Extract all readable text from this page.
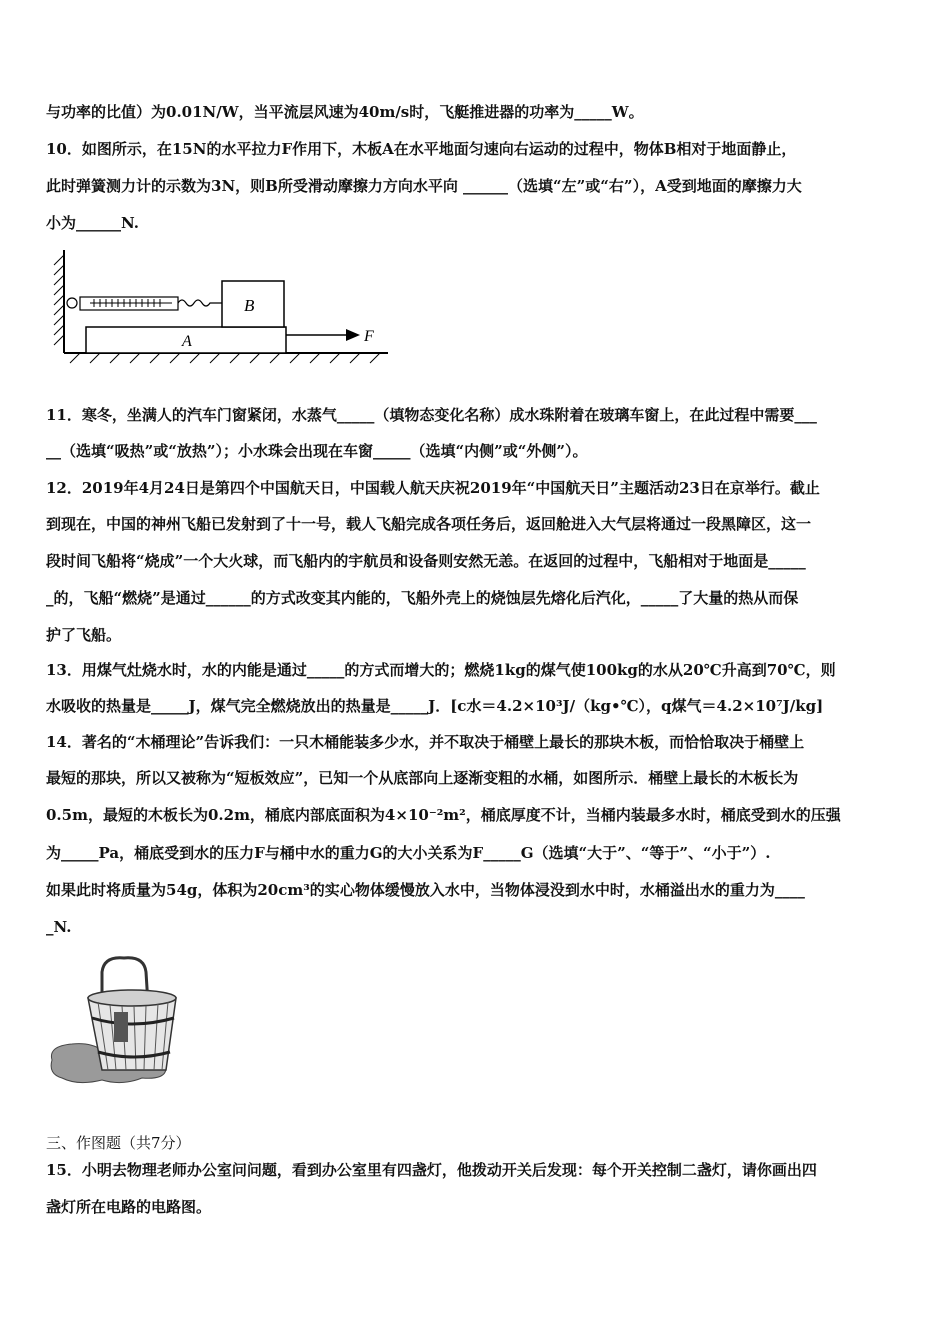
与功率的比值）为0.01N/W，当平流层风速为40m/s时，飞艇推进器的功率为_____W。
10．如图所示，在15N的水平拉力F作用下，木板A在水平地面匀速向右运动的过程中，物体B相对于地面静止，
此时弹簧测力计的示数为3N，则B所受滑动摩擦力方向水平向 ______（选填“左”或“右”），A受到地面的摩擦力大
小为______N.
A
B
F
11．寒冬，坐满人的汽车门窗紧闭，水蒸气_____（填物态变化名称）成水珠附着在玻璃车窗上，在此过程中需要___
__（选填“吸热”或“放热”）；小水珠会出现在车窗_____（选填“内侧”或“外侧”）。
12．2019年4月24日是第四个中国航天日，中国载人航天庆祝2019年“中国航天日”主题活动23日在京举行。截止
到现在，中国的神州飞船已发射到了十一号，载人飞船完成各项任务后，返回舱进入大气层将通过一段黑障区，这一
段时间飞船将“烧成”一个大火球，而飞船内的宇航员和设备则安然无恙。在返回的过程中，飞船相对于地面是_____
_的，飞船“燃烧”是通过______的方式改变其内能的，飞船外壳上的烧蚀层先熔化后汽化，_____了大量的热从而保
护了飞船。
13．用煤气灶烧水时，水的内能是通过_____的方式而增大的；燃烧1kg的煤气使100kg的水从20℃升高到70℃，则
水吸收的热量是_____J，煤气完全燃烧放出的热量是_____J．[c水＝4.2×10³J/（kg•℃），q煤气＝4.2×10⁷J/kg]
14．著名的“木桶理论”告诉我们：一只木桶能装多少水，并不取决于桶壁上最长的那块木板，而恰恰取决于桶壁上
最短的那块，所以又被称为“短板效应”，已知一个从底部向上逐渐变粗的水桶，如图所示．桶壁上最长的木板长为
0.5m，最短的木板长为0.2m，桶底内部底面积为4×10⁻²m²，桶底厚度不计，当桶内装最多水时，桶底受到水的压强
为_____Pa，桶底受到水的压力F与桶中水的重力G的大小关系为F_____G（选填“大于”、“等于”、“小于”）.
如果此时将质量为54g，体积为20cm³的实心物体缓慢放入水中，当物体浸没到水中时，水桶溢出水的重力为____
_N.
三、作图题（共7分）
15．小明去物理老师办公室问问题，看到办公室里有四盏灯，他拨动开关后发现：每个开关控制二盏灯，请你画出四
盏灯所在电路的电路图。
